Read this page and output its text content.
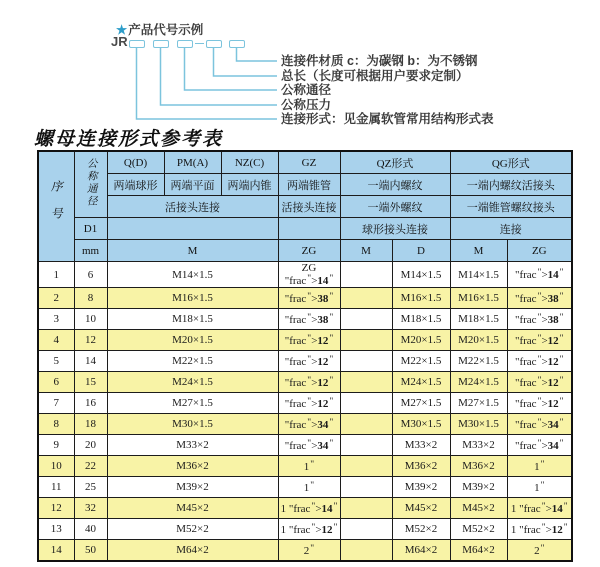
★产品代号示例
JR
连接件材质 c：为碳钢 b：为不锈钢
总长（长度可根据用户要求定制）
公称通径
公称压力
连接形式：见金属软管常用结构形式表
螺母连接形式参考表
序号	公称通径	Q(D)	PM(A)	NZ(C)	GZ	QZ形式		QG形式	
		两端球形	两端平面	两端内锥	两端锥管	一端内螺纹		一端内螺纹活接头	
		活接头连接			活接头连接	一端外螺纹		一端锥管螺纹接头	
	D1					球形接头连接		连接	
	mm	M			ZG	M	D	M	ZG
1	6	M14×1.5			ZG "frac">14"		M14×1.5	M14×1.5	"frac">14"
2	8	M16×1.5			"frac">38"		M16×1.5	M16×1.5	"frac">38"
3	10	M18×1.5			"frac">38"		M18×1.5	M18×1.5	"frac">38"
4	12	M20×1.5			"frac">12"		M20×1.5	M20×1.5	"frac">12"
5	14	M22×1.5			"frac">12"		M22×1.5	M22×1.5	"frac">12"
6	15	M24×1.5			"frac">12"		M24×1.5	M24×1.5	"frac">12"
7	16	M27×1.5			"frac">12"		M27×1.5	M27×1.5	"frac">12"
8	18	M30×1.5			"frac">34"		M30×1.5	M30×1.5	"frac">34"
9	20	M33×2			"frac">34"		M33×2	M33×2	"frac">34"
10	22	M36×2			1"		M36×2	M36×2	1"
11	25	M39×2			1"		M39×2	M39×2	1"
12	32	M45×2			1 "frac">14"		M45×2	M45×2	1 "frac">14"
13	40	M52×2			1 "frac">12"		M52×2	M52×2	1 "frac">12"
14	50	M64×2			2"		M64×2	M64×2	2"
